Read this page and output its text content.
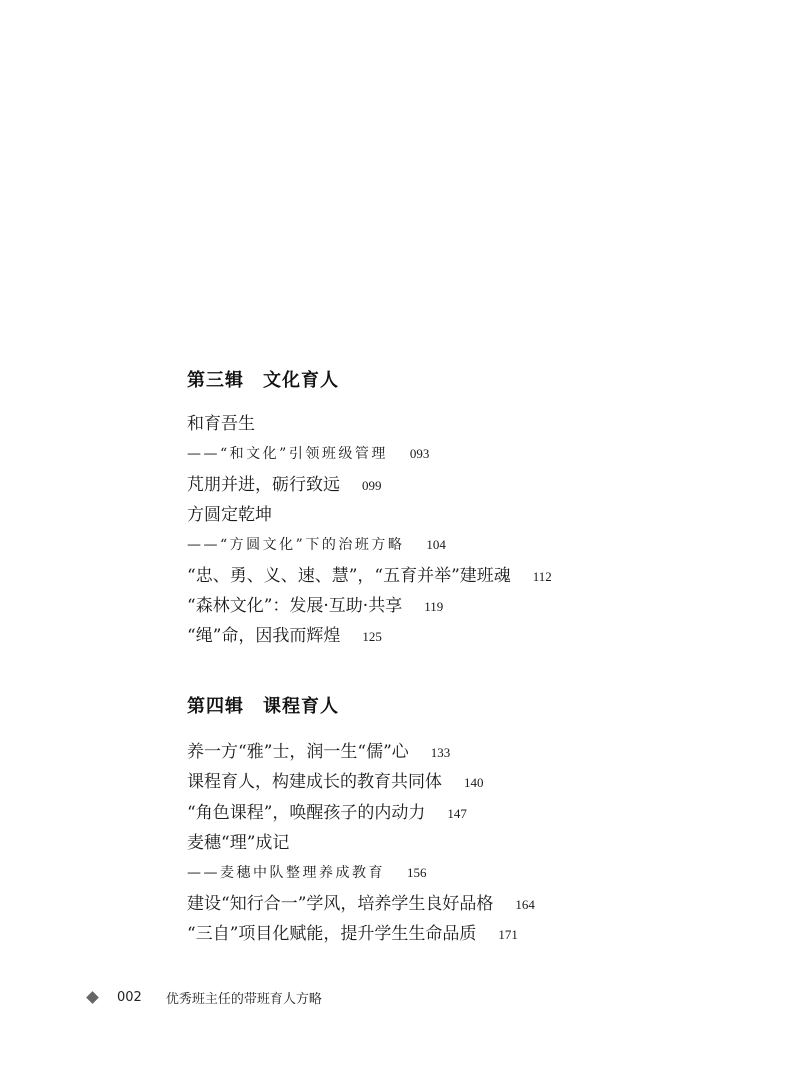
第三辑　文化育人
和育吾生
——“和文化”引领班级管理 093
芃朋并进，砺行致远 099
方圆定乾坤
——“方圆文化”下的治班方略 104
“忠、勇、义、速、慧”，“五育并举”建班魂 112
“森林文化”：发展·互助·共享 119
“绳”命，因我而辉煌 125
第四辑　课程育人
养一方“雅”士，润一生“儒”心 133
课程育人，构建成长的教育共同体 140
“角色课程”，唤醒孩子的内动力 147
麦穗“理”成记
——麦穗中队整理养成教育 156
建设“知行合一”学风，培养学生良好品格 164
“三自”项目化赋能，提升学生生命品质 171
002 优秀班主任的带班育人方略
